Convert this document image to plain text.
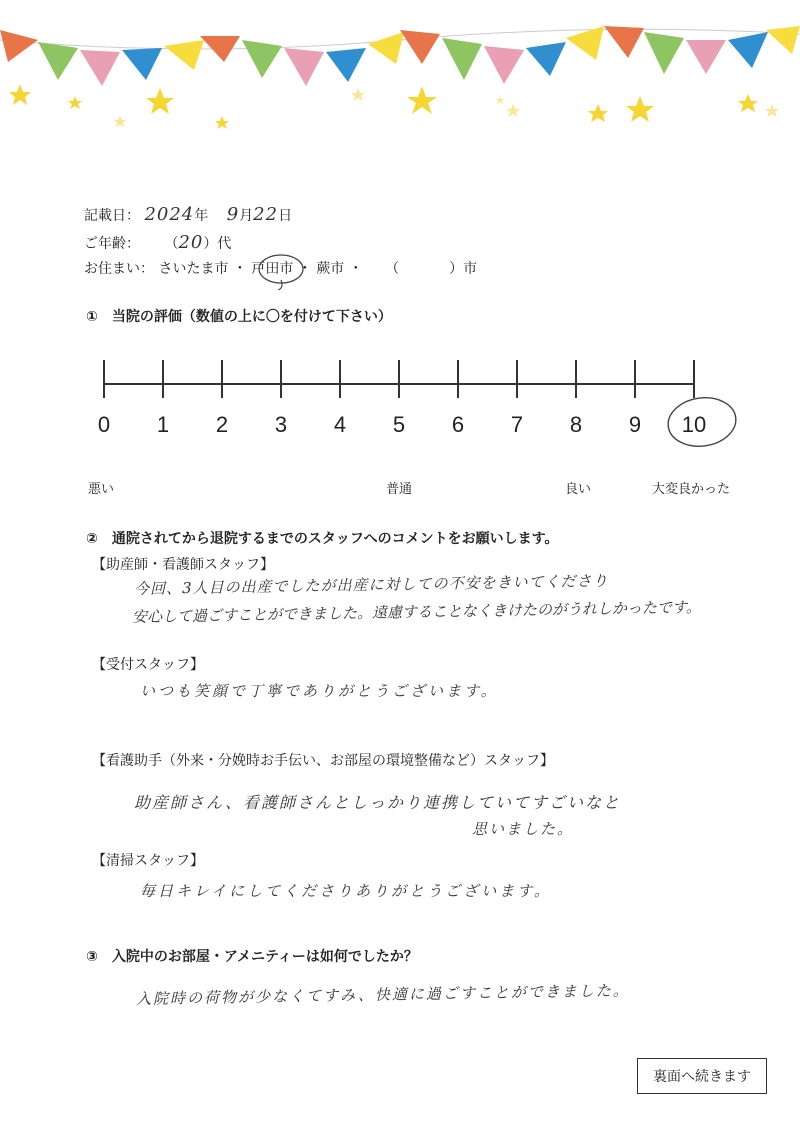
記載日： 2024年 9月22日
ご年齢： （20）代
お住まい： さいたま市 ・ 戸田市 ・ 蕨市 ・ （	）市
①　当院の評価（数値の上に〇を付けて下さい）
0	1	2	3	4	5	6	7	8	9	10
悪い	普通	良い	大変良かった
②　通院されてから退院するまでのスタッフへのコメントをお願いします。
【助産師・看護師スタッフ】
今回、3人目の出産でしたが出産に対しての不安をきいてくださり
安心して過ごすことができました。遠慮することなくきけたのがうれしかったです。
【受付スタッフ】
いつも笑顔で丁寧でありがとうございます。
【看護助手（外来・分娩時お手伝い、お部屋の環境整備など）スタッフ】
助産師さん、看護師さんとしっかり連携していてすごいなと
思いました。
【清掃スタッフ】
毎日キレイにしてくださりありがとうございます。
③　入院中のお部屋・アメニティーは如何でしたか？
入院時の荷物が少なくてすみ、快適に過ごすことができました。
裏面へ続きます
